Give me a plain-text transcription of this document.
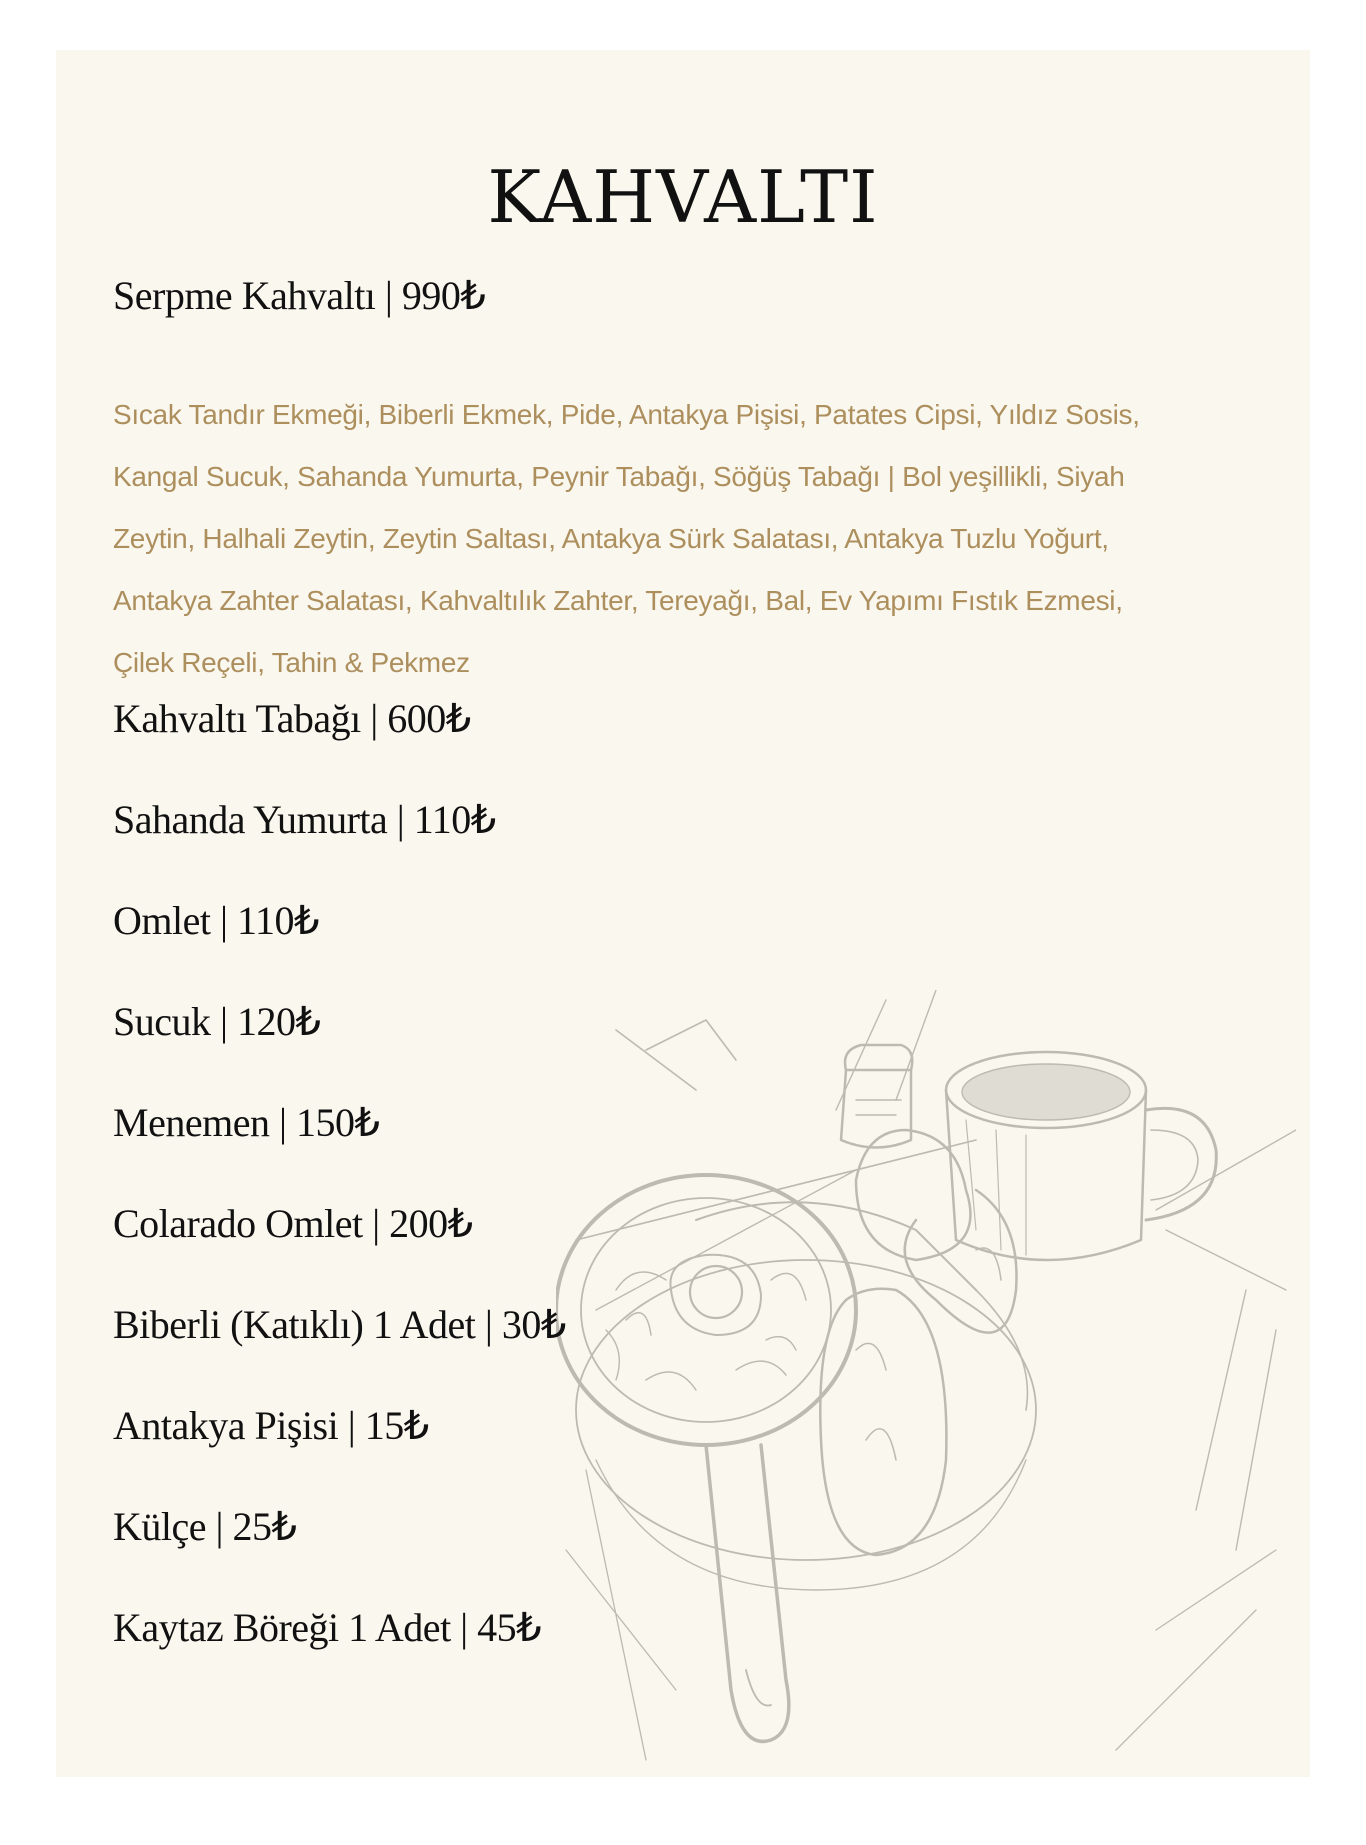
KAHVALTI

Serpme Kahvaltı | 990₺

Sıcak Tandır Ekmeği, Biberli Ekmek, Pide, Antakya Pişisi, Patates Cipsi, Yıldız Sosis,
Kangal Sucuk, Sahanda Yumurta, Peynir Tabağı, Söğüş Tabağı | Bol yeşillikli, Siyah
Zeytin, Halhali Zeytin, Zeytin Saltası, Antakya Sürk Salatası, Antakya Tuzlu Yoğurt,
Antakya Zahter Salatası, Kahvaltılık Zahter, Tereyağı, Bal, Ev Yapımı Fıstık Ezmesi,
Çilek Reçeli, Tahin & Pekmez

Kahvaltı Tabağı | 600₺

Sahanda Yumurta | 110₺

Omlet | 110₺

Sucuk | 120₺

Menemen | 150₺

Colarado Omlet | 200₺

Biberli (Katıklı) 1 Adet | 30₺

Antakya Pişisi | 15₺

Külçe | 25₺

Kaytaz Böreği 1 Adet | 45₺
